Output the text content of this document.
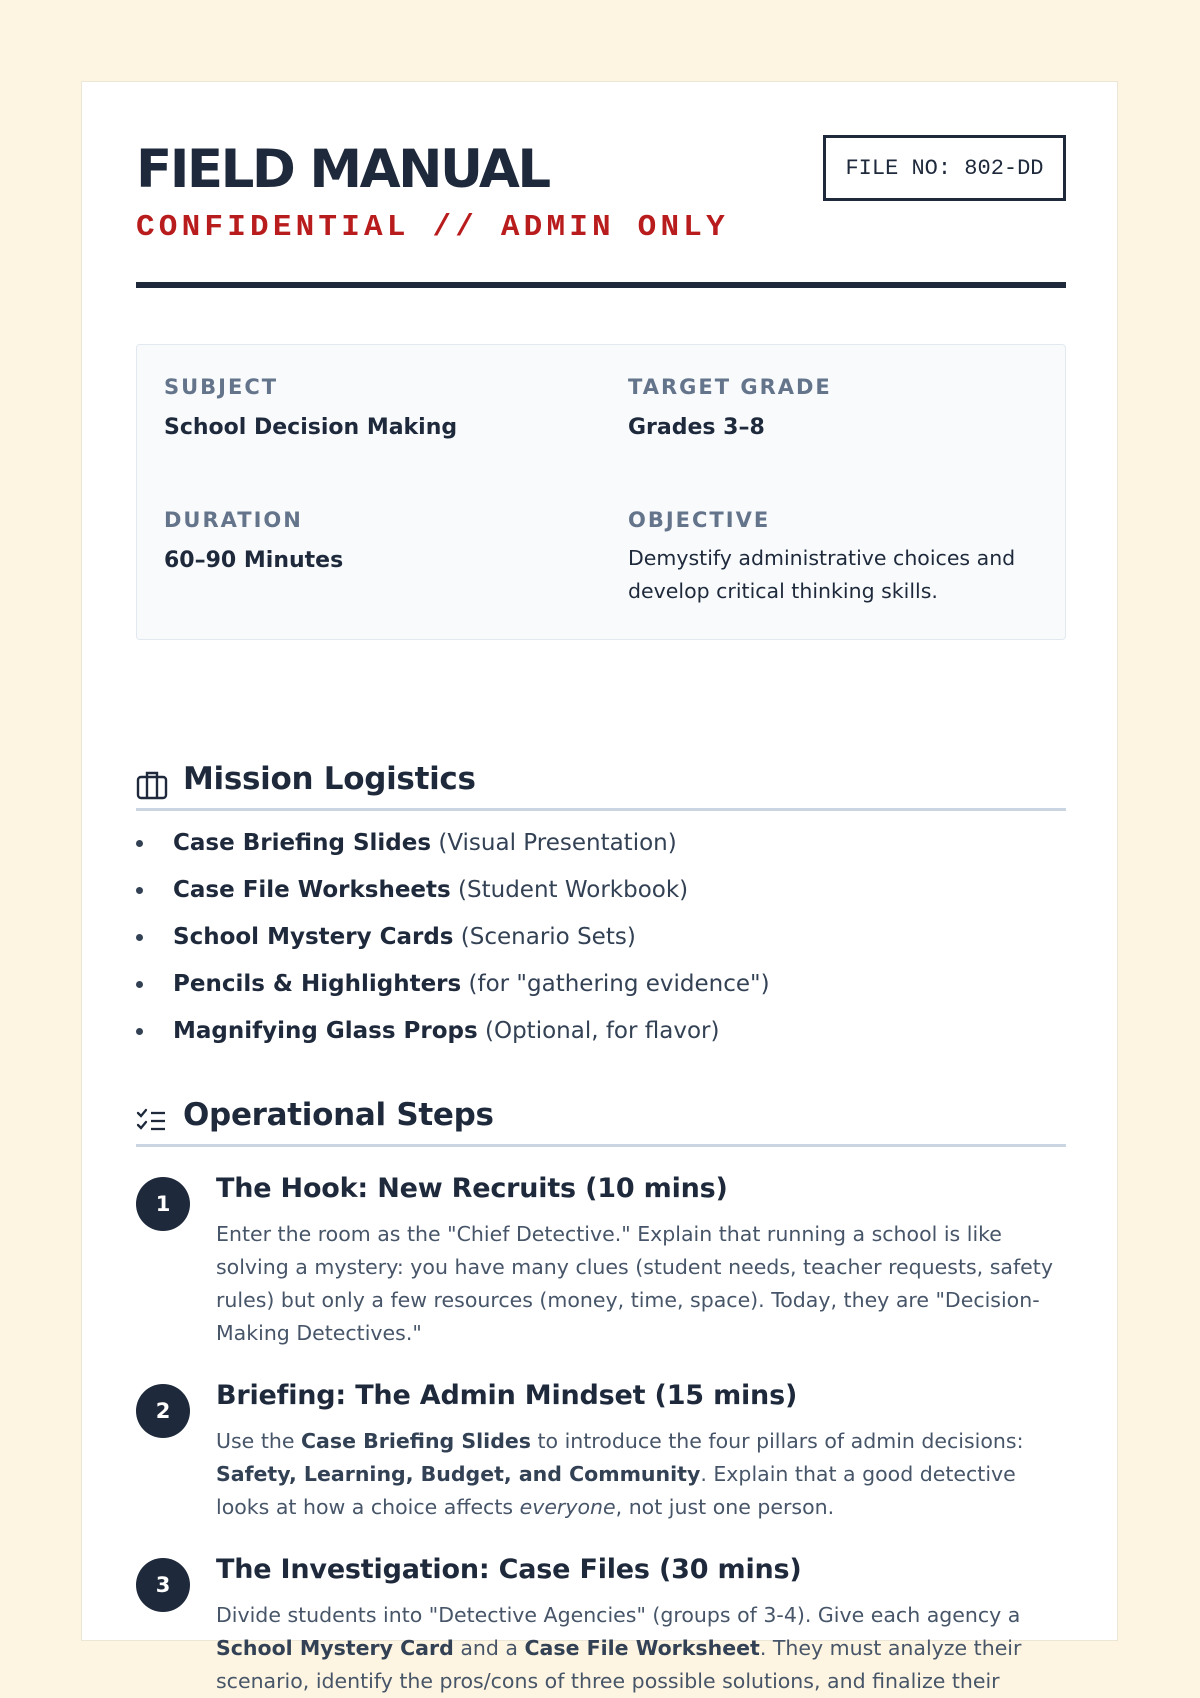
FIELD MANUAL
CONFIDENTIAL // ADMIN ONLY
FILE NO: 802-DD
SUBJECT
School Decision Making
TARGET GRADE
Grades 3–8
DURATION
60–90 Minutes
OBJECTIVE
Demystify administrative choices and develop critical thinking skills.
Mission Logistics
Case Briefing Slides (Visual Presentation)
Case File Worksheets (Student Workbook)
School Mystery Cards (Scenario Sets)
Pencils & Highlighters (for "gathering evidence")
Magnifying Glass Props (Optional, for flavor)
Operational Steps
1	The Hook: New Recruits (10 mins)

Enter the room as the "Chief Detective." Explain that running a school is like solving a mystery: you have many clues (student needs, teacher requests, safety rules) but only a few resources (money, time, space). Today, they are "Decision-Making Detectives."

2	Briefing: The Admin Mindset (15 mins)

Use the Case Briefing Slides to introduce the four pillars of admin decisions: Safety, Learning, Budget, and Community. Explain that a good detective looks at how a choice affects everyone, not just one person.

3	The Investigation: Case Files (30 mins)

Divide students into "Detective Agencies" (groups of 3-4). Give each agency a School Mystery Card and a Case File Worksheet. They must analyze their scenario, identify the pros/cons of three possible solutions, and finalize their
